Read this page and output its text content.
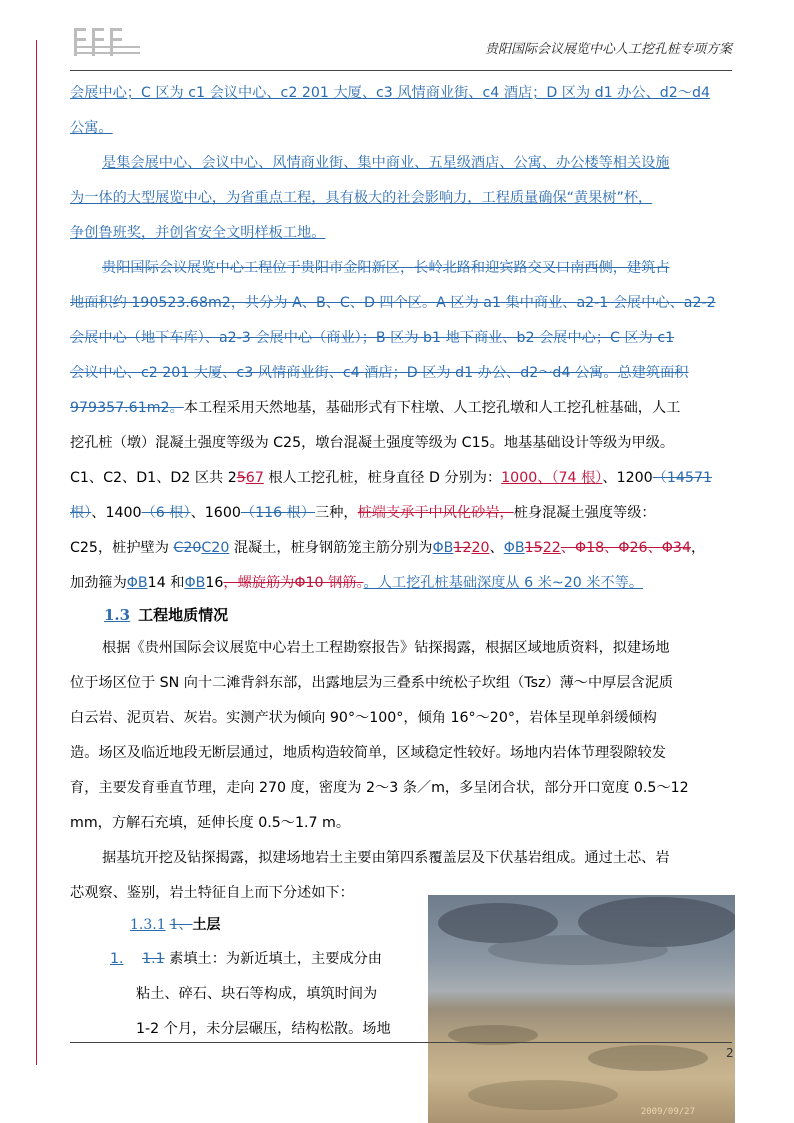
贵阳国际会议展览中心人工挖孔桩专项方案
会展中心；C 区为 c1 会议中心、c2 201 大厦、c3 风情商业街、c4 酒店；D 区为 d1 办公、d2～d4
公寓。
是集会展中心、会议中心、风情商业街、集中商业、五星级酒店、公寓、办公楼等相关设施
为一体的大型展览中心，为省重点工程，具有极大的社会影响力，工程质量确保“黄果树”杯，
争创鲁班奖，并创省安全文明样板工地。
贵阳国际会议展览中心工程位于贵阳市金阳新区，长岭北路和迎宾路交叉口南西侧，建筑占
地面积约 190523.68m2，共分为 A、B、C、D 四个区。A 区为 a1 集中商业、a2-1 会展中心、a2-2
会展中心（地下车库）、a2-3 会展中心（商业）；B 区为 b1 地下商业、b2 会展中心；C 区为 c1
会议中心、c2 201 大厦、c3 风情商业街、c4 酒店；D 区为 d1 办公、d2～d4 公寓。总建筑面积
979357.61m2。本工程采用天然地基，基础形式有下柱墩、人工挖孔墩和人工挖孔桩基础，人工
挖孔桩（墩）混凝土强度等级为 C25，墩台混凝土强度等级为 C15。地基基础设计等级为甲级。
C1、C2、D1、D2 区共 2567 根人工挖孔桩，桩身直径 D 分别为：1000、（74 根）、1200（14571
根）、1400（6 根）、1600（116 根）三种，桩端支承于中风化砂岩，桩身混凝土强度等级：
C25，桩护壁为 C20C20 混凝土，桩身钢筋笼主筋分别为ΦB1220、ΦB1522、Φ18、Φ26、Φ34，
加劲箍为ΦB14 和ΦB16，螺旋筋为Φ10 钢筋。。人工挖孔桩基础深度从 6 米~20 米不等。
1.3 工程地质情况
根据《贵州国际会议展览中心岩土工程勘察报告》钻探揭露，根据区域地质资料，拟建场地
位于场区位于 SN 向十二滩背斜东部，出露地层为三叠系中统松子坎组（Tsz）薄～中厚层含泥质
白云岩、泥页岩、灰岩。实测产状为倾向 90°～100°，倾角 16°～20°，岩体呈现单斜缓倾构
造。场区及临近地段无断层通过，地质构造较简单，区域稳定性较好。场地内岩体节理裂隙较发
育，主要发育垂直节理，走向 270 度，密度为 2～3 条／m，多呈闭合状，部分开口宽度 0.5～12
mm，方解石充填，延伸长度 0.5～1.7 m。
据基坑开挖及钻探揭露，拟建场地岩土主要由第四系覆盖层及下伏基岩组成。通过土芯、岩
芯观察、鉴别，岩土特征自上而下分述如下：
1.3.1 1、土层
1. 1.1 素填土：为新近填土，主要成分由
粘土、碎石、块石等构成，填筑时间为
1-2 个月，未分层碾压，结构松散。场地
2009/09/27
2
